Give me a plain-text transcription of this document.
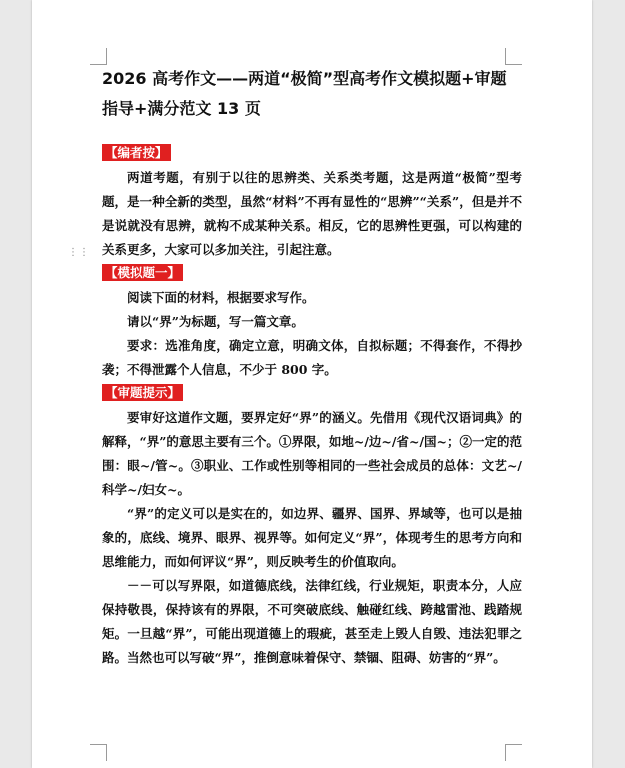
⋮⋮
2026 高考作文——两道“极简”型高考作文模拟题+审题指导+满分范文 13 页
【编者按】

两道考题，有别于以往的思辨类、关系类考题，这是两道“极简”型考题，是一种全新的类型，虽然“材料”不再有显性的“思辨”“关系”，但是并不是说就没有思辨，就构不成某种关系。相反，它的思辨性更强，可以构建的关系更多，大家可以多加关注，引起注意。

【模拟题一】

阅读下面的材料，根据要求写作。

请以“界”为标题，写一篇文章。

要求：选准角度，确定立意，明确文体，自拟标题；不得套作，不得抄袭；不得泄露个人信息，不少于 800 字。

【审题提示】

要审好这道作文题，要界定好“界”的涵义。先借用《现代汉语词典》的解释，“界”的意思主要有三个。①界限，如地~/边~/省~/国~；②一定的范围：眼~/管~。③职业、工作或性别等相同的一些社会成员的总体：文艺~/科学~/妇女~。

“界”的定义可以是实在的，如边界、疆界、国界、界域等，也可以是抽象的，底线、境界、眼界、视界等。如何定义“界”，体现考生的思考方向和思维能力，而如何评议“界”，则反映考生的价值取向。

－－可以写界限，如道德底线，法律红线，行业规矩，职责本分，人应保持敬畏，保持该有的界限，不可突破底线、触碰红线、跨越雷池、践踏规矩。一旦越“界”，可能出现道德上的瑕疵，甚至走上毁人自毁、违法犯罪之路。当然也可以写破“界”，推倒意味着保守、禁锢、阻碍、妨害的“界”。
